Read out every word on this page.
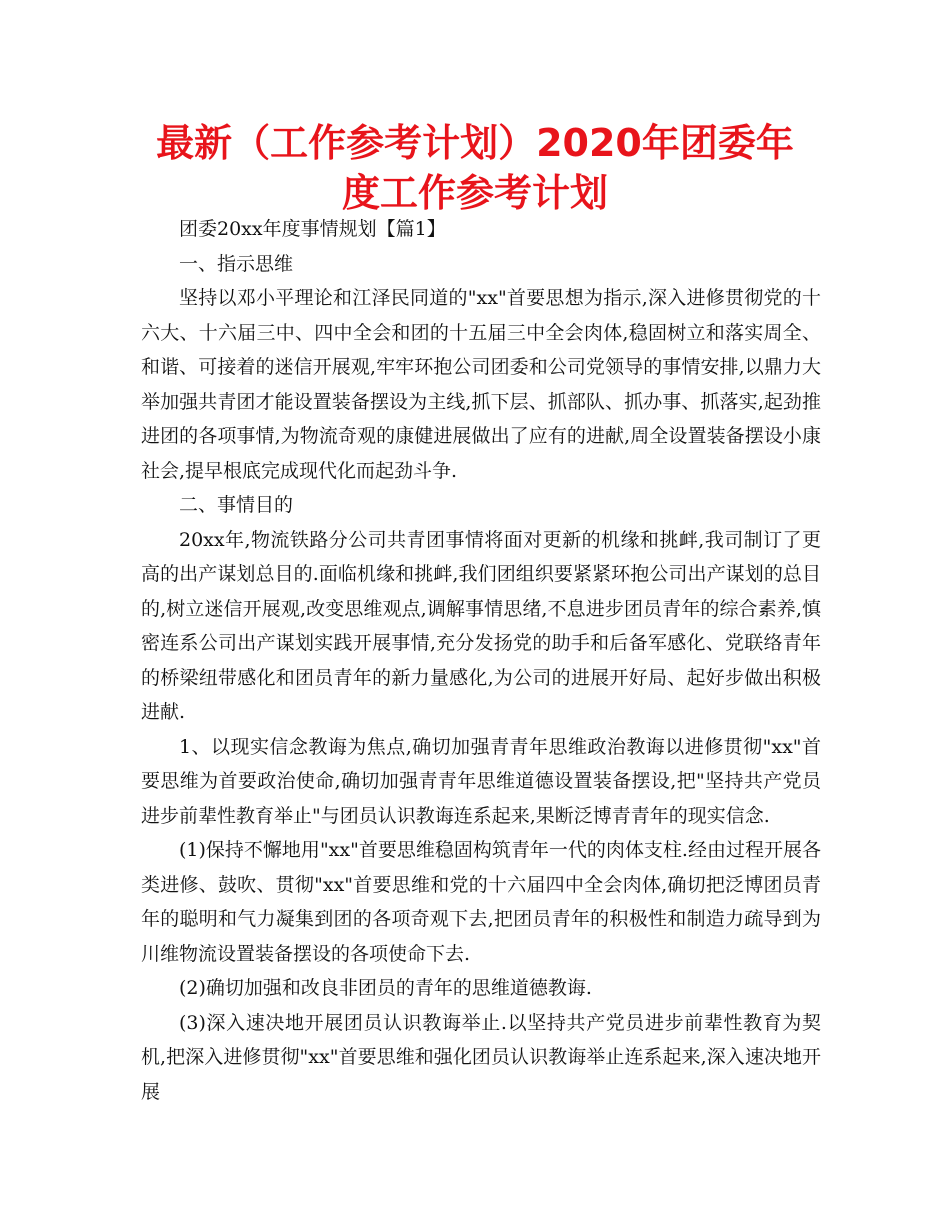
最新（工作参考计划）2020年团委年度工作参考计划

团委20xx年度事情规划【篇1】

一、指示思维

坚持以邓小平理论和江泽民同道的"xx"首要思想为指示,深入进修贯彻党的十六大、十六届三中、四中全会和团的十五届三中全会肉体,稳固树立和落实周全、和谐、可接着的迷信开展观,牢牢环抱公司团委和公司党领导的事情安排,以鼎力大举加强共青团才能设置装备摆设为主线,抓下层、抓部队、抓办事、抓落实,起劲推进团的各项事情,为物流奇观的康健进展做出了应有的进献,周全设置装备摆设小康社会,提早根底完成现代化而起劲斗争.

二、事情目的

20xx年,物流铁路分公司共青团事情将面对更新的机缘和挑衅,我司制订了更高的出产谋划总目的.面临机缘和挑衅,我们团组织要紧紧环抱公司出产谋划的总目的,树立迷信开展观,改变思维观点,调解事情思绪,不息进步团员青年的综合素养,慎密连系公司出产谋划实践开展事情,充分发扬党的助手和后备军感化、党联络青年的桥梁纽带感化和团员青年的新力量感化,为公司的进展开好局、起好步做出积极进献.

1、以现实信念教诲为焦点,确切加强青青年思维政治教诲以进修贯彻"xx"首要思维为首要政治使命,确切加强青青年思维道德设置装备摆设,把"坚持共产党员进步前辈性教育举止"与团员认识教诲连系起来,果断泛博青青年的现实信念.

(1)保持不懈地用"xx"首要思维稳固构筑青年一代的肉体支柱.经由过程开展各类进修、鼓吹、贯彻"xx"首要思维和党的十六届四中全会肉体,确切把泛博团员青年的聪明和气力凝集到团的各项奇观下去,把团员青年的积极性和制造力疏导到为川维物流设置装备摆设的各项使命下去.

(2)确切加强和改良非团员的青年的思维道德教诲.

(3)深入速决地开展团员认识教诲举止.以坚持共产党员进步前辈性教育为契机,把深入进修贯彻"xx"首要思维和强化团员认识教诲举止连系起来,深入速决地开展
